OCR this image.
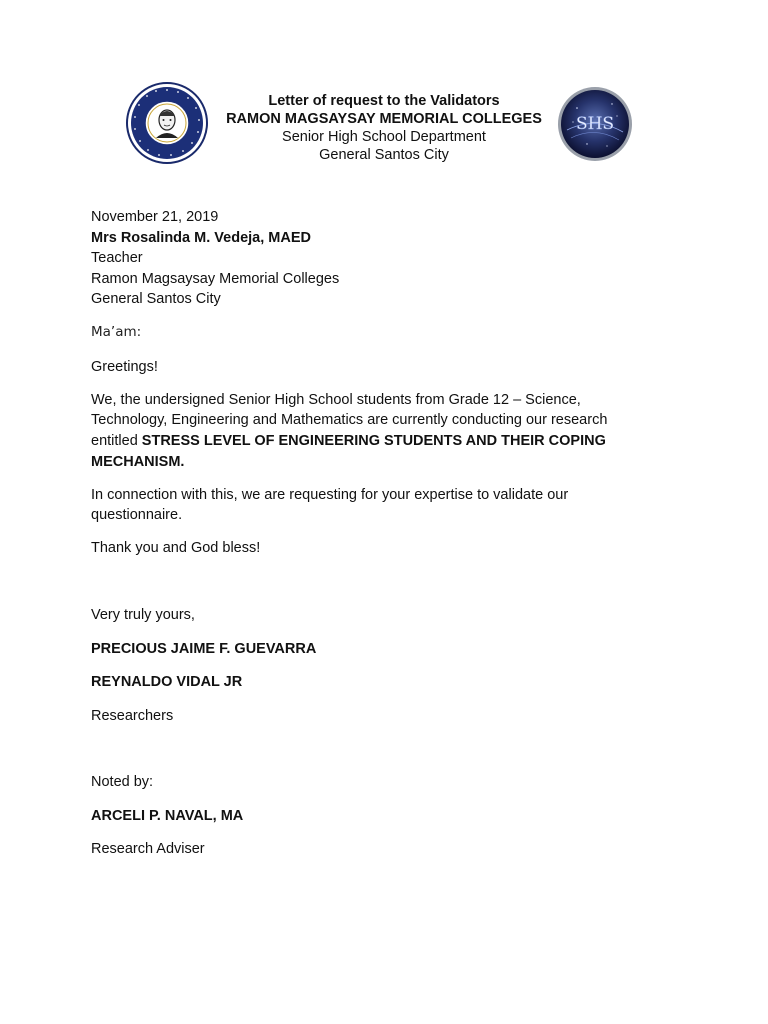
Letter of request to the Validators
RAMON MAGSAYSAY MEMORIAL COLLEGES
Senior High School Department
General Santos City
SHS
November 21, 2019
Mrs Rosalinda M. Vedeja, MAED
Teacher
Ramon Magsaysay Memorial Colleges
General Santos City
Ma’am:
Greetings!
We, the undersigned Senior High School students from Grade 12 – Science,
Technology, Engineering and Mathematics are currently conducting our research
entitled STRESS LEVEL OF ENGINEERING STUDENTS AND THEIR COPING
MECHANISM.
In connection with this, we are requesting for your expertise to validate our
questionnaire.
Thank you and God bless!
Very truly yours,
PRECIOUS JAIME F. GUEVARRA
REYNALDO VIDAL JR
Researchers
Noted by:
ARCELI P. NAVAL, MA
Research Adviser
